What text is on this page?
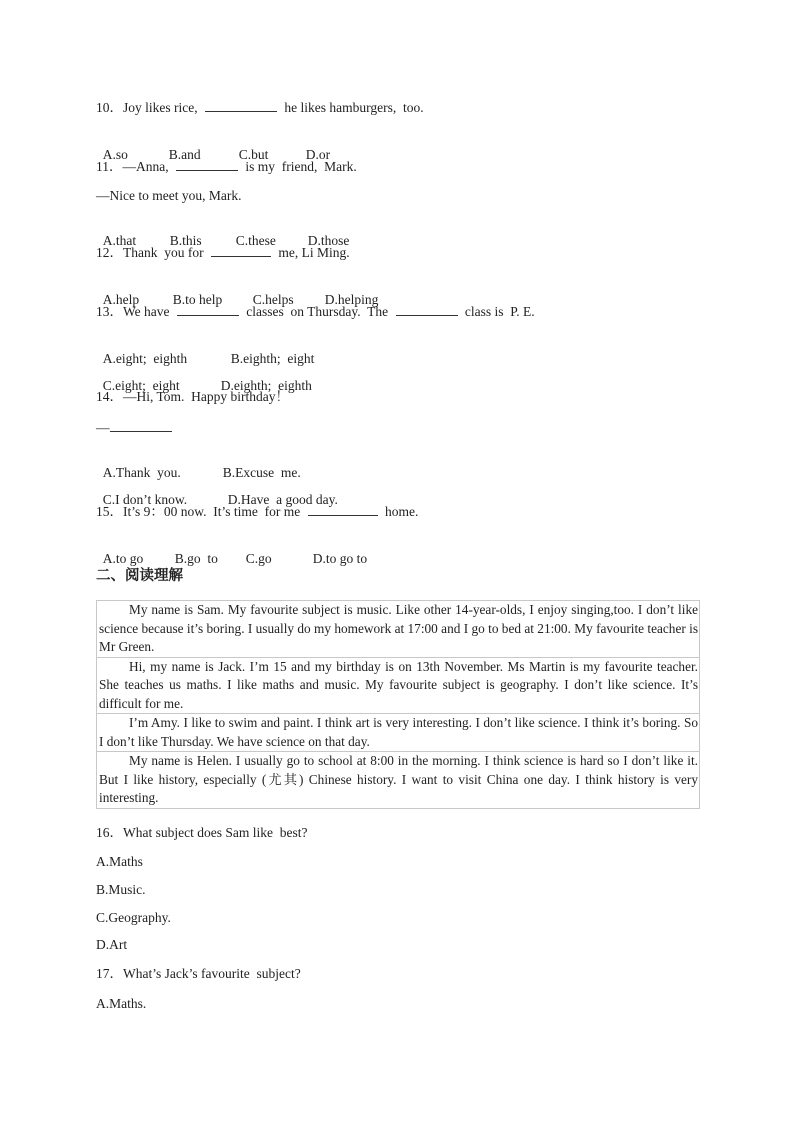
10．Joy likes rice,	he likes hamburgers,  too.

A.so	B.and	C.but	D.or

11．—Anna,	is my  friend,  Mark.
—Nice to meet you, Mark.

A.that B.this	C.these D.those

12．Thank  you for	me, Li Ming.

A.help B.to help C.helps D.helping

13．We have	classes  on Thursday.  The	class is  P. E.

A.eight;  eighth	B.eighth;  eight

C.eight;  eight	D.eighth;  eighth

14．—Hi, Tom.  Happy birthday！
—

A.Thank  you.	B.Excuse  me.

C.I don’t know.	D.Have  a good day.

15．It’s 9：00 now.  It’s time  for me	home.

A.to go B.go  to C.go	D.to go to

二、阅读理解
My name is Sam. My favourite subject is music. Like other 14-year-olds, I enjoy singing,too. I don’t like science because it’s boring. I usually do my homework at 17:00 and I go to bed at 21:00. My favourite teacher is Mr Green.
Hi, my name is Jack. I’m 15 and my birthday is on 13th November. Ms Martin is my favourite teacher. She teaches us maths. I like maths and music. My favourite subject is geography. I don’t like science. It’s difficult for me.
I’m Amy. I like to swim and paint. I think art is very interesting. I don’t like science. I think it’s boring. So I don’t like Thursday. We have science on that day.
My name is Helen. I usually go to school at 8:00 in the morning. I think science is hard so I don’t like it. But I like history, especially (尤其) Chinese history. I want to visit China one day. I think history is very interesting.
16．What subject does Sam like  best?
A.Maths
B.Music.
C.Geography.
D.Art
17．What’s Jack’s favourite  subject?
A.Maths.
